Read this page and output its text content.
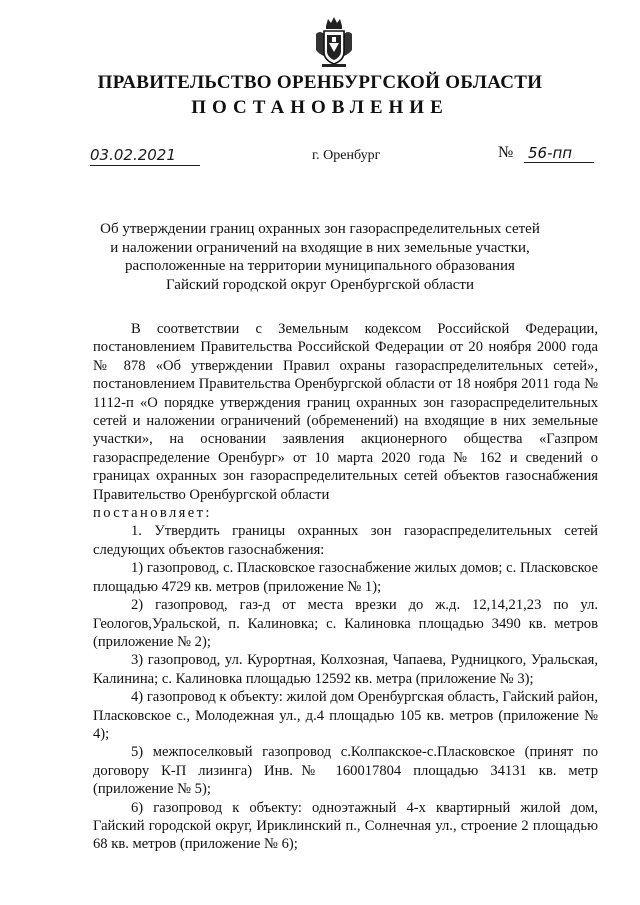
ПРАВИТЕЛЬСТВО ОРЕНБУРГСКОЙ ОБЛАСТИ
ПОСТАНОВЛЕНИЕ
03.02.2021	г. Оренбург	№ 56-пп
Об утверждении границ охранных зон газораспределительных сетей
и наложении ограничений на входящие в них земельные участки,
расположенные на территории муниципального образования
Гайский городской округ Оренбургской области

В соответствии с Земельным кодексом Российской Федерации, постановлением Правительства Российской Федерации от 20 ноября 2000 года № 878 «Об утверждении Правил охраны газораспределительных сетей», постановлением Правительства Оренбургской области от 18 ноября 2011 года № 1112-п «О порядке утверждения границ охранных зон газораспределительных сетей и наложении ограничений (обременений) на входящие в них земельные участки», на основании заявления акционерного общества «Газпром газораспределение Оренбург» от 10 марта 2020 года № 162 и сведений о границах охранных зон газораспределительных сетей объектов газоснабжения Правительство Оренбургской области

постановляет:

1. Утвердить границы охранных зон газораспределительных сетей следующих объектов газоснабжения:

1) газопровод, с. Пласковское газоснабжение жилых домов; с. Пласковское площадью 4729 кв. метров (приложение № 1);

2) газопровод, газ-д от места врезки до ж.д. 12,14,21,23 по ул. Геологов,Уральской, п. Калиновка; с. Калиновка площадью 3490 кв. метров (приложение № 2);

3) газопровод, ул. Курортная, Колхозная, Чапаева, Рудницкого, Уральская, Калинина; с. Калиновка площадью 12592 кв. метра (приложение № 3);

4) газопровод к объекту: жилой дом Оренбургская область, Гайский район, Пласковское с., Молодежная ул., д.4 площадью 105 кв. метров (приложение № 4);

5) межпоселковый газопровод с.Колпакское-с.Пласковское (принят по договору К-П лизинга) Инв.№ 160017804 площадью 34131 кв. метр (приложение № 5);

6) газопровод к объекту: одноэтажный 4-х квартирный жилой дом, Гайский городской округ, Ириклинский п., Солнечная ул., строение 2 площадью 68 кв. метров (приложение № 6);
